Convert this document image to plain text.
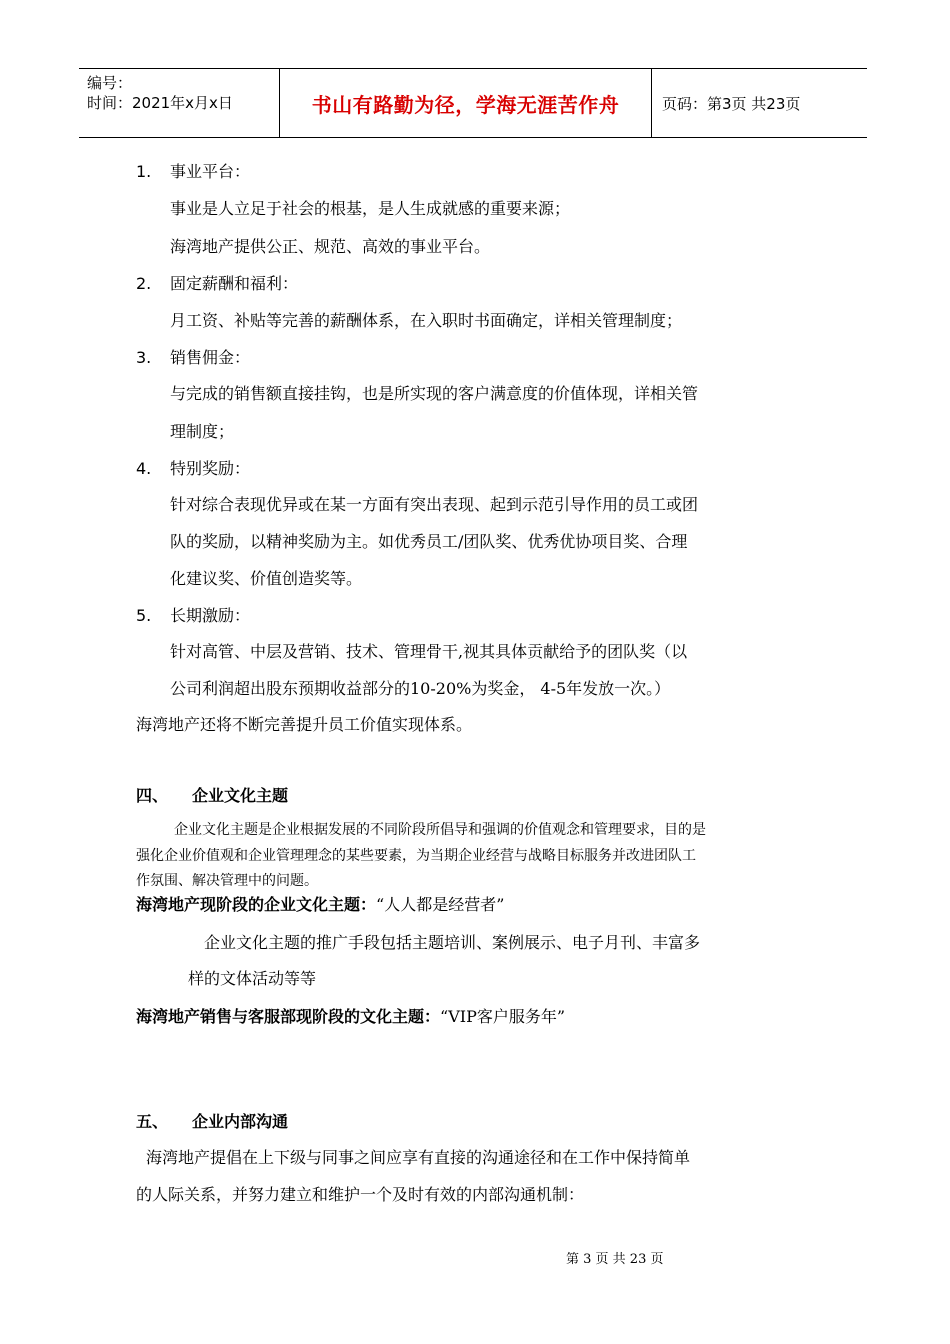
编号：
时间：2021年x月x日	书山有路勤为径，学海无涯苦作舟	页码：第3页 共23页
1. 事业平台：
事业是人立足于社会的根基，是人生成就感的重要来源；
海湾地产提供公正、规范、高效的事业平台。
2. 固定薪酬和福利：
月工资、补贴等完善的薪酬体系，在入职时书面确定，详相关管理制度；
3. 销售佣金：
与完成的销售额直接挂钩，也是所实现的客户满意度的价值体现，详相关管
理制度；
4. 特别奖励：
针对综合表现优异或在某一方面有突出表现、起到示范引导作用的员工或团
队的奖励，以精神奖励为主。如优秀员工/团队奖、优秀优协项目奖、合理
化建议奖、价值创造奖等。
5. 长期激励：
针对高管、中层及营销、技术、管理骨干,视其具体贡献给予的团队奖（以
公司利润超出股东预期收益部分的10-20%为奖金， 4-5年发放一次。）
海湾地产还将不断完善提升员工价值实现体系。
四、 企业文化主题
企业文化主题是企业根据发展的不同阶段所倡导和强调的价值观念和管理要求，目的是
强化企业价值观和企业管理理念的某些要素，为当期企业经营与战略目标服务并改进团队工
作氛围、解决管理中的问题。
海湾地产现阶段的企业文化主题：“人人都是经营者”
企业文化主题的推广手段包括主题培训、案例展示、电子月刊、丰富多
样的文体活动等等
海湾地产销售与客服部现阶段的文化主题：“VIP客户服务年”
五、 企业内部沟通
海湾地产提倡在上下级与同事之间应享有直接的沟通途径和在工作中保持简单
的人际关系，并努力建立和维护一个及时有效的内部沟通机制：
第 3 页 共 23 页
